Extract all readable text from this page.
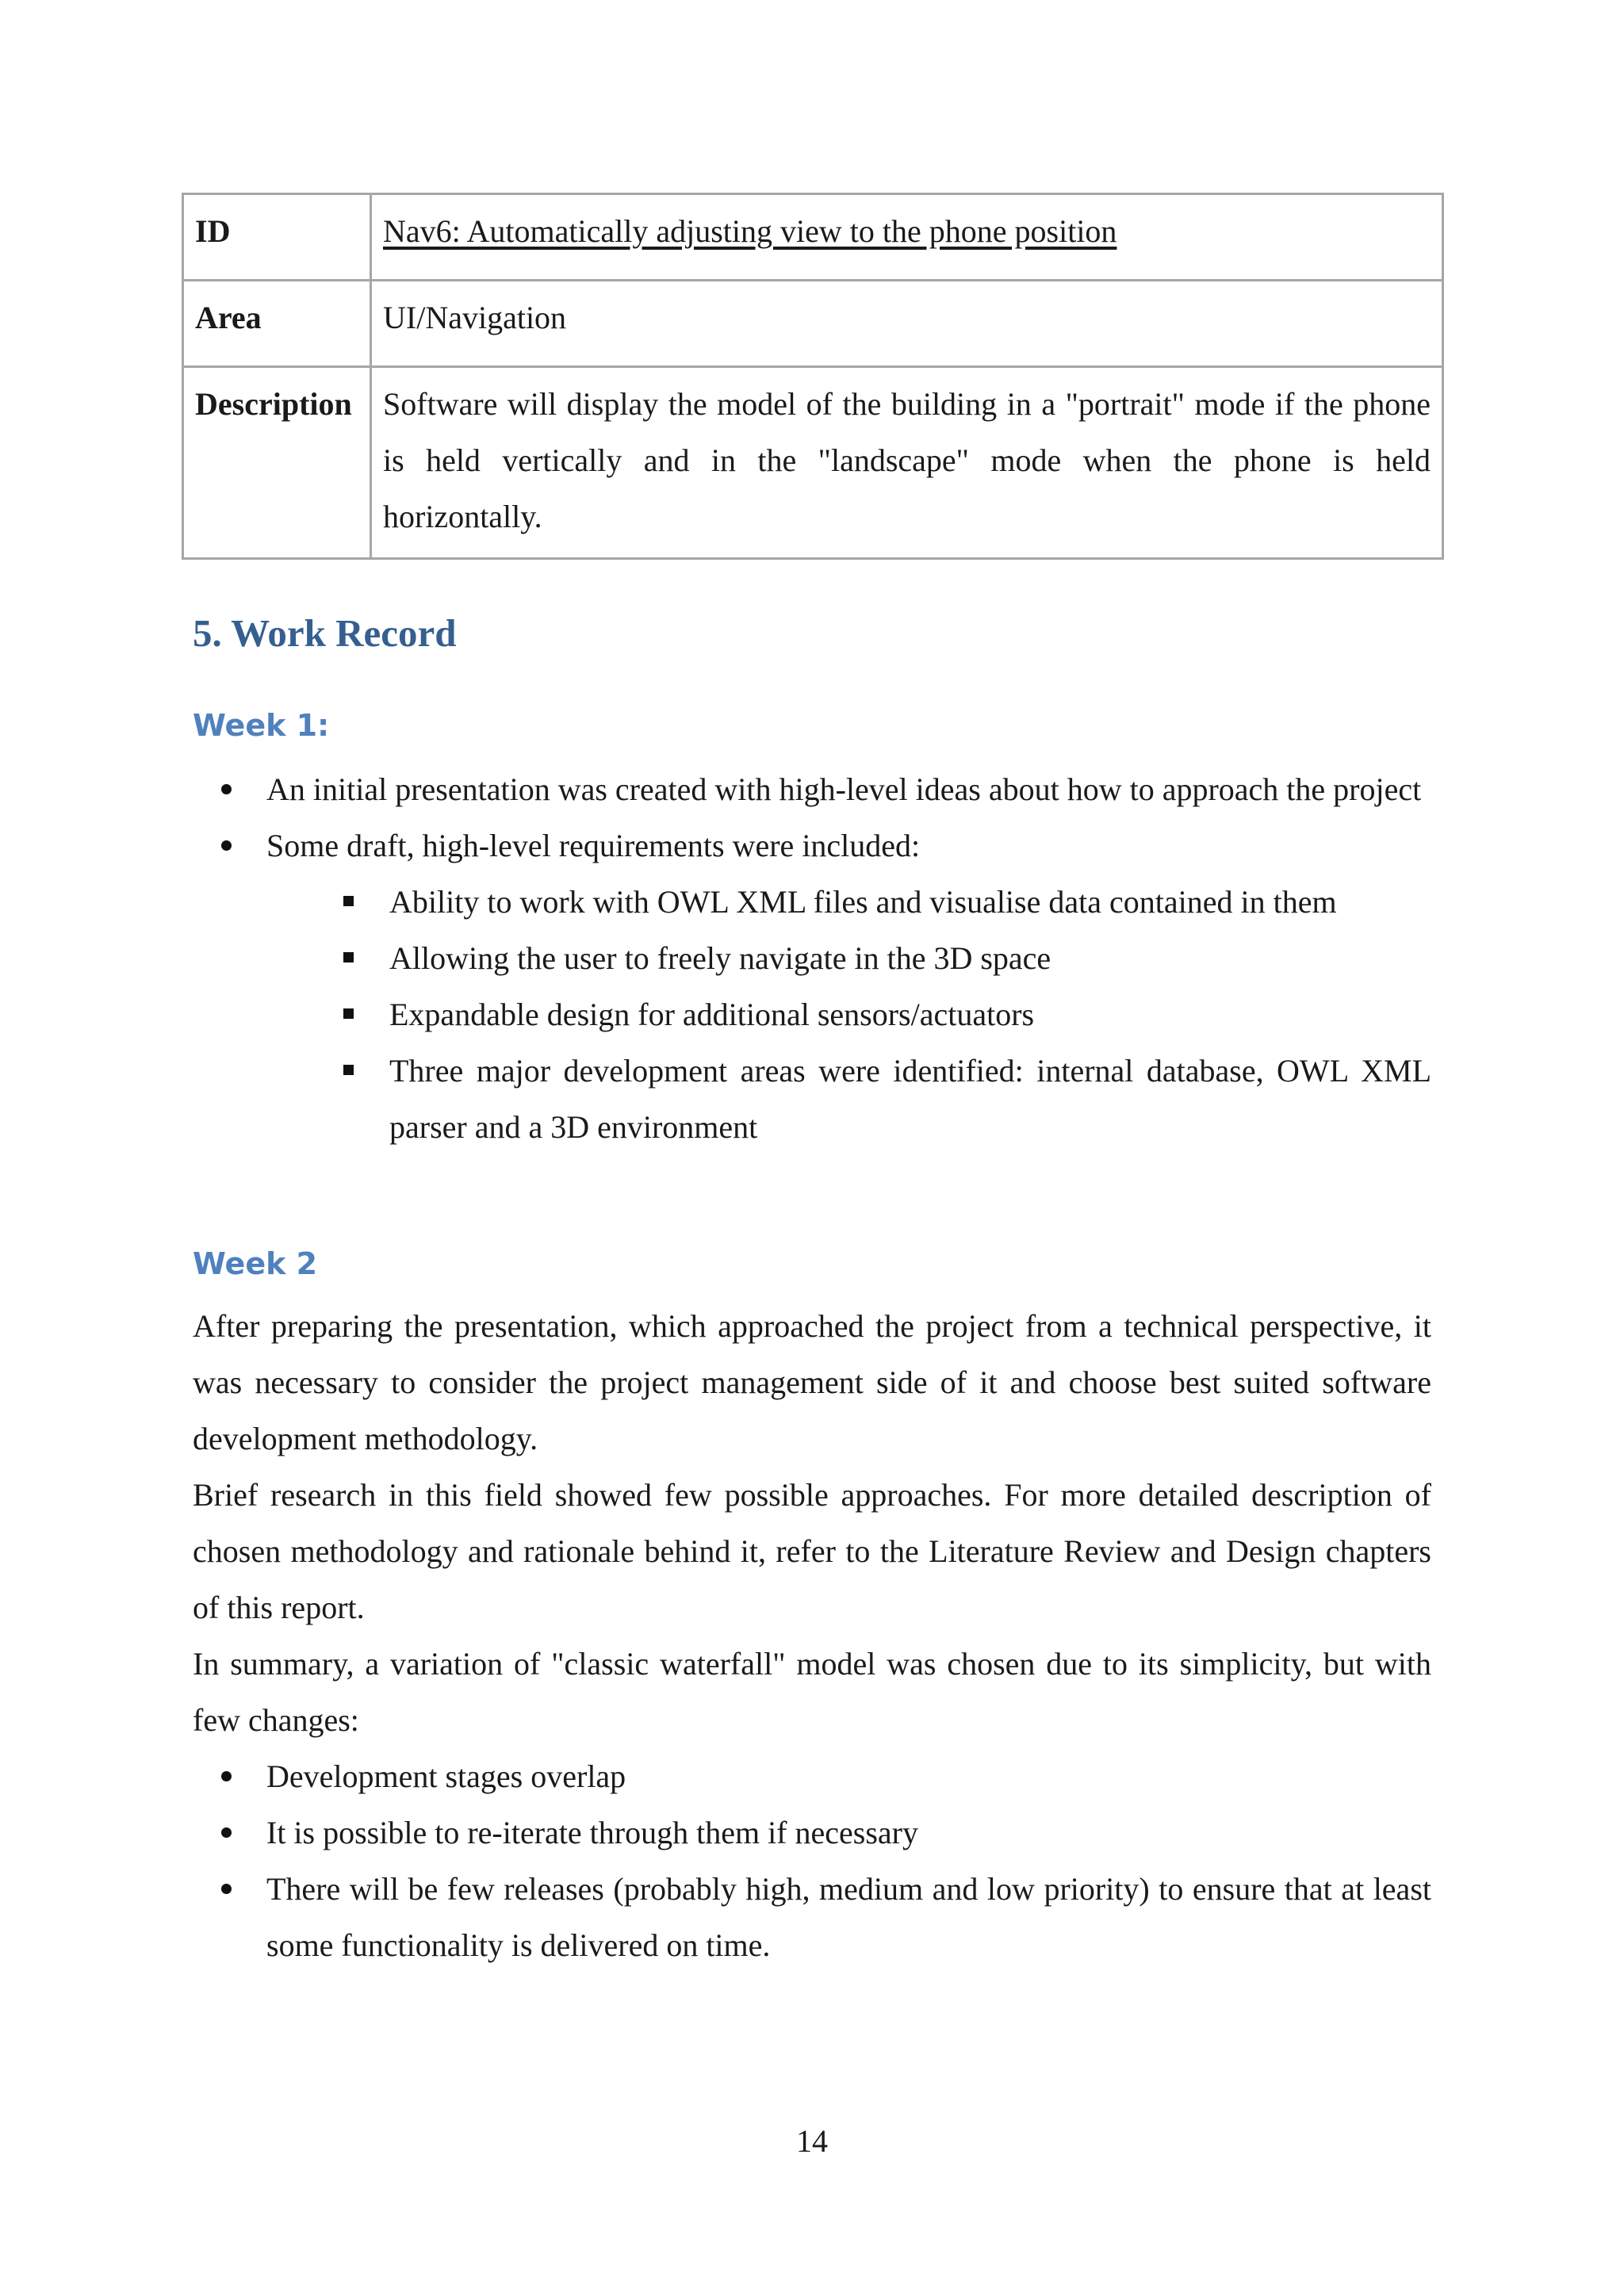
ID	Nav6: Automatically adjusting view to the phone position
Area	UI/Navigation
Description	Software will display the model of the building in a "portrait" mode if the phone is held vertically and in the "landscape" mode when the phone is held horizontally.
5. Work Record
Week 1:
An initial presentation was created with high-level ideas about how to approach the project
Some draft, high-level requirements were included:
Ability to work with OWL XML files and visualise data contained in them
Allowing the user to freely navigate in the 3D space
Expandable design for additional sensors/actuators
Three major development areas were identified: internal database, OWL XML parser and a 3D environment
Week 2

After preparing the presentation, which approached the project from a technical perspective, it was necessary to consider the project management side of it and choose best suited software development methodology.

Brief research in this field showed few possible approaches. For more detailed description of chosen methodology and rationale behind it, refer to the Literature Review and Design chapters of this report.

In summary, a variation of "classic waterfall" model was chosen due to its simplicity, but with few changes:

Development stages overlap
It is possible to re-iterate through them if necessary
There will be few releases (probably high, medium and low priority) to ensure that at least some functionality is delivered on time.
14
